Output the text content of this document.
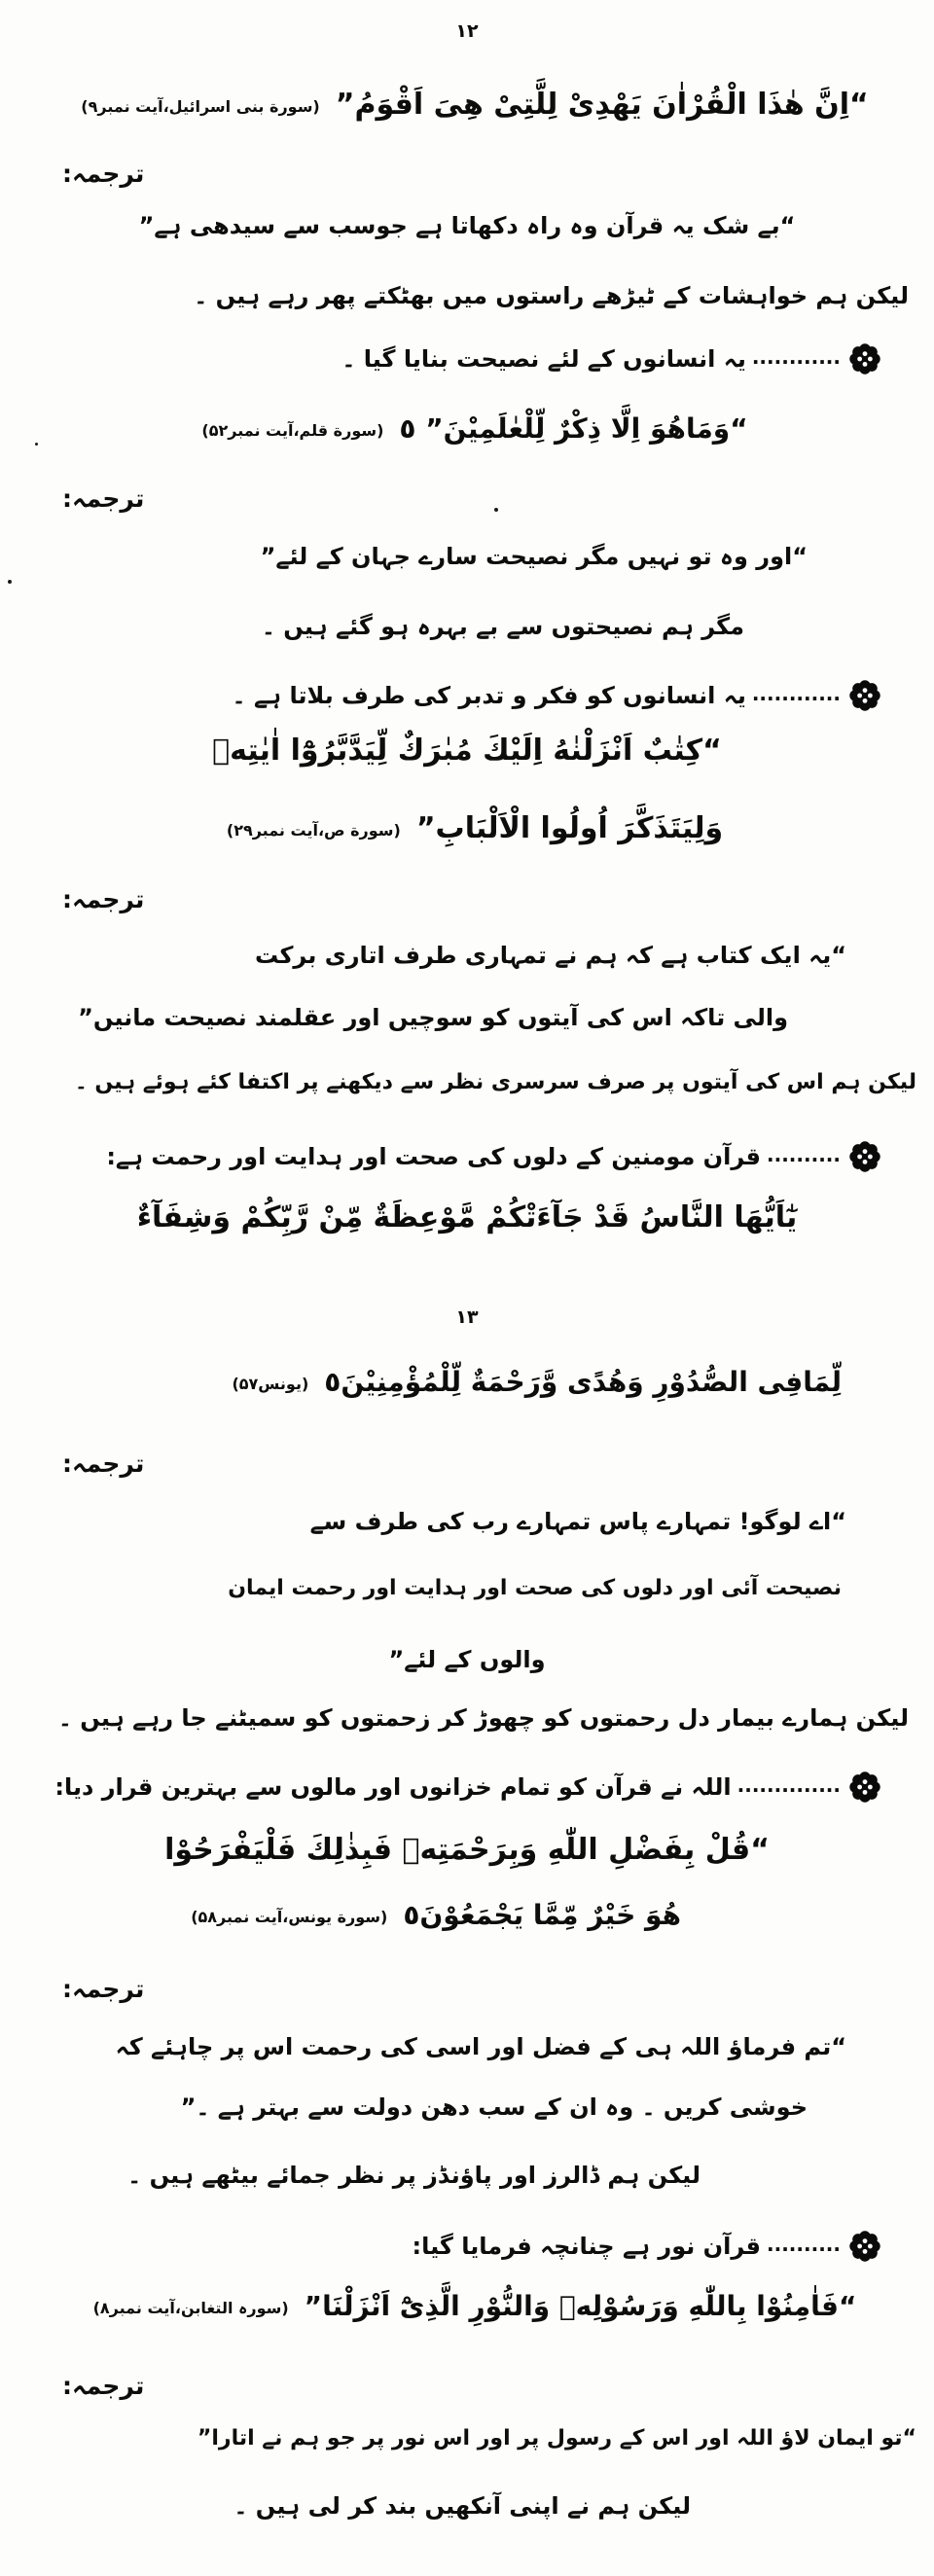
۱۲
“اِنَّ هٰذَا الْقُرْاٰنَ يَهْدِىْ لِلَّتِىْ هِىَ اَقْوَمُ”(سورة بنی اسرائیل،آیت نمبر۹)
ترجمہ:
“بے شک یہ قرآن وہ راہ دکھاتا ہے جوسب سے سیدھی ہے”
لیکن ہم خواہشات کے ٹیڑھے راستوں میں بھٹکتے پھر رہے ہیں ۔
............یہ انسانوں کے لئے نصیحت بنایا گیا ۔
“وَمَاهُوَ اِلَّا ذِكْرٌ لِّلْعٰلَمِيْنَ” ٥(سورة قلم،آیت نمبر۵۲)
ترجمہ:
“اور وہ تو نہیں مگر نصیحت سارے جہان کے لئے”
مگر ہم نصیحتوں سے بے بہرہ ہو گئے ہیں ۔
............یہ انسانوں کو فکر و تدبر کی طرف بلاتا ہے ۔
“كِتٰبٌ اَنْزَلْنٰهُ اِلَيْكَ مُبٰرَكٌ لِّيَدَّبَّرُوْٓا اٰيٰتِهٖ
وَلِيَتَذَكَّرَ اُولُوا الْاَلْبَابِ”(سورة ص،آیت نمبر۲۹)
ترجمہ:
“یہ ایک کتاب ہے کہ ہم نے تمہاری طرف اتاری برکت
والی تاکہ اس کی آیتوں کو سوچیں اور عقلمند نصیحت مانیں”
لیکن ہم اس کی آیتوں پر صرف سرسری نظر سے دیکھنے پر اکتفا کئے ہوئے ہیں ۔
..........قرآن مومنین کے دلوں کی صحت اور ہدایت اور رحمت ہے:
يٰٓاَيُّهَا النَّاسُ قَدْ جَآءَتْكُمْ مَّوْعِظَةٌ مِّنْ رَّبِّكُمْ وَشِفَآءٌ
۱۳
لِّمَافِى الصُّدُوْرِ وَهُدًى وَّرَحْمَةٌ لِّلْمُؤْمِنِيْنَ٥(یونس۵۷)
ترجمہ:
“اے لوگو! تمہارے پاس تمہارے رب کی طرف سے
نصیحت آئی اور دلوں کی صحت اور ہدایت اور رحمت ایمان
والوں کے لئے”
لیکن ہمارے بیمار دل رحمتوں کو چھوڑ کر زحمتوں کو سمیٹنے جا رہے ہیں ۔
..............اللہ نے قرآن کو تمام خزانوں اور مالوں سے بہترین قرار دیا:
“قُلْ بِفَضْلِ اللّٰهِ وَبِرَحْمَتِهٖ فَبِذٰلِكَ فَلْيَفْرَحُوْا
هُوَ خَيْرٌ مِّمَّا يَجْمَعُوْنَ٥(سورة یونس،آیت نمبر۵۸)
ترجمہ:
“تم فرماؤ اللہ ہی کے فضل اور اسی کی رحمت اس پر چاہئے کہ
خوشی کریں ۔ وہ ان کے سب دھن دولت سے بہتر ہے ۔”
لیکن ہم ڈالرز اور پاؤنڈز پر نظر جمائے بیٹھے ہیں ۔
..........قرآن نور ہے چنانچہ فرمایا گیا:
“فَاٰمِنُوْا بِاللّٰهِ وَرَسُوْلِهٖ وَالنُّوْرِ الَّذِىْٓ اَنْزَلْنَا”(سورہ التغابن،آیت نمبر۸)
ترجمہ:
“تو ایمان لاؤ اللہ اور اس کے رسول پر اور اس نور پر جو ہم نے اتارا”
لیکن ہم نے اپنی آنکھیں بند کر لی ہیں ۔
